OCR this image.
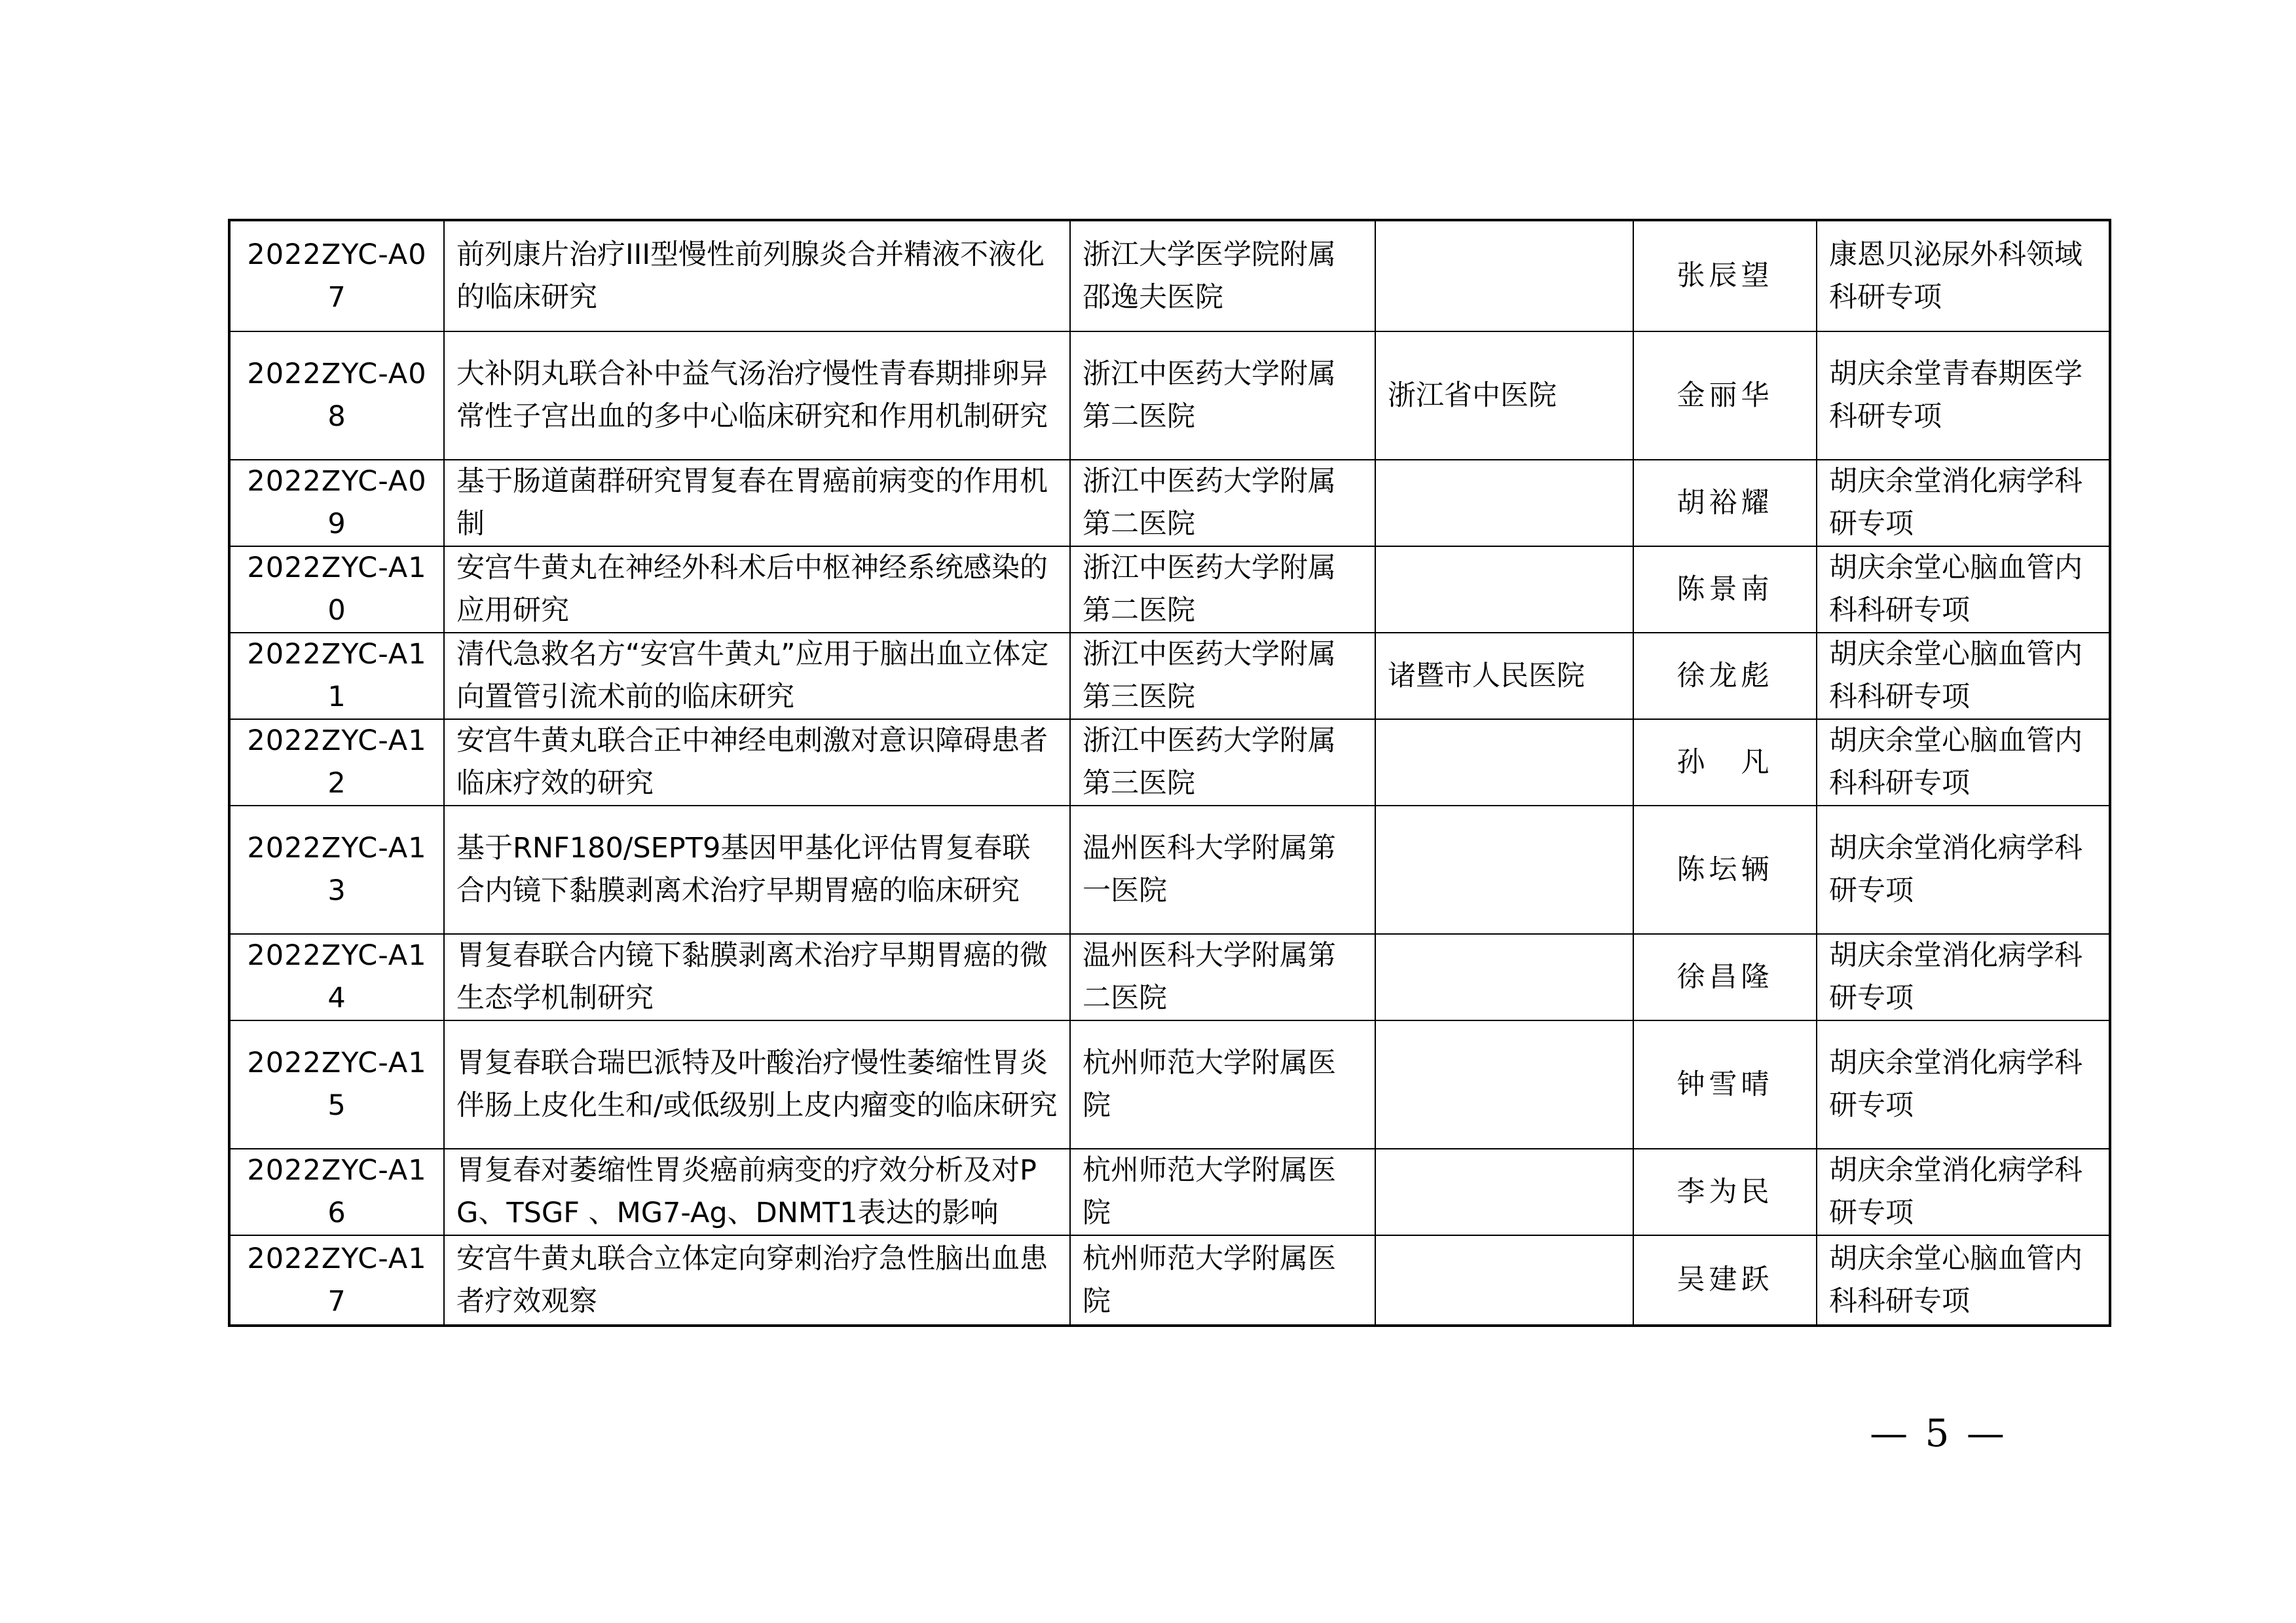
2022ZYC-A07	前列康片治疗III型慢性前列腺炎合并精液不液化的临床研究	浙江大学医学院附属邵逸夫医院		张辰望	康恩贝泌尿外科领域科研专项
2022ZYC-A08	大补阴丸联合补中益气汤治疗慢性青春期排卵异常性子宫出血的多中心临床研究和作用机制研究	浙江中医药大学附属第二医院	浙江省中医院	金丽华	胡庆余堂青春期医学科研专项
2022ZYC-A09	基于肠道菌群研究胃复春在胃癌前病变的作用机制	浙江中医药大学附属第二医院		胡裕耀	胡庆余堂消化病学科研专项
2022ZYC-A10	安宫牛黄丸在神经外科术后中枢神经系统感染的应用研究	浙江中医药大学附属第二医院		陈景南	胡庆余堂心脑血管内科科研专项
2022ZYC-A11	清代急救名方“安宫牛黄丸”应用于脑出血立体定向置管引流术前的临床研究	浙江中医药大学附属第三医院	诸暨市人民医院	徐龙彪	胡庆余堂心脑血管内科科研专项
2022ZYC-A12	安宫牛黄丸联合正中神经电刺激对意识障碍患者临床疗效的研究	浙江中医药大学附属第三医院		孙　凡	胡庆余堂心脑血管内科科研专项
2022ZYC-A13	基于RNF180/SEPT9基因甲基化评估胃复春联合内镜下黏膜剥离术治疗早期胃癌的临床研究	温州医科大学附属第一医院		陈坛辆	胡庆余堂消化病学科研专项
2022ZYC-A14	胃复春联合内镜下黏膜剥离术治疗早期胃癌的微生态学机制研究	温州医科大学附属第二医院		徐昌隆	胡庆余堂消化病学科研专项
2022ZYC-A15	胃复春联合瑞巴派特及叶酸治疗慢性萎缩性胃炎伴肠上皮化生和/或低级别上皮内瘤变的临床研究	杭州师范大学附属医院		钟雪晴	胡庆余堂消化病学科研专项
2022ZYC-A16	胃复春对萎缩性胃炎癌前病变的疗效分析及对PG、TSGF 、MG7-Ag、DNMT1表达的影响	杭州师范大学附属医院		李为民	胡庆余堂消化病学科研专项
2022ZYC-A17	安宫牛黄丸联合立体定向穿刺治疗急性脑出血患者疗效观察	杭州师范大学附属医院		吴建跃	胡庆余堂心脑血管内科科研专项
— 5 —
